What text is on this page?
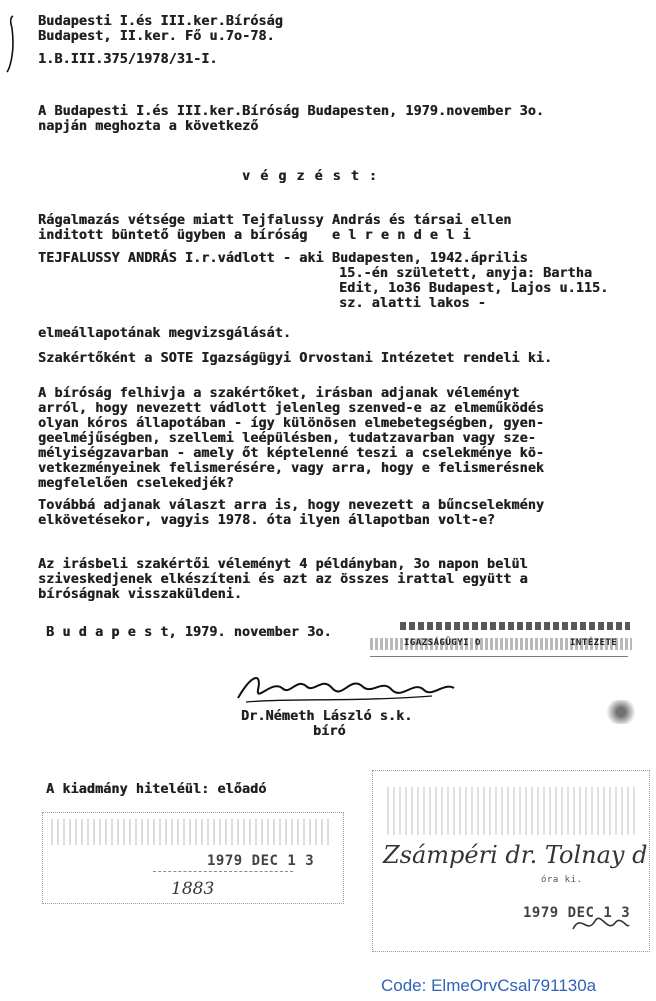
Budapesti I.és III.ker.Bíróság
Budapest, II.ker. Fő u.7o-78.
1.B.III.375/1978/31-I.
A Budapesti I.és III.ker.Bíróság Budapesten, 1979.november 3o.
napján meghozta a következő
v é g z é s t :
Rágalmazás vétsége miatt Tejfalussy András és társai ellen
inditott büntető ügyben a bíróság   e l r e n d e l i
TEJFALUSSY ANDRÁS I.r.vádlott - aki Budapesten, 1942.április
15.-én született, anyja: Bartha
Edit, 1o36 Budapest, Lajos u.115.
sz. alatti lakos -
elmeállapotának megvizsgálását.
Szakértőként a SOTE Igazságügyi Orvostani Intézetet rendeli ki.
A bíróság felhivja a szakértőket, irásban adjanak véleményt
arról, hogy nevezett vádlott jelenleg szenved-e az elmeműködés
olyan kóros állapotában - így különösen elmebetegségben, gyen-
geelméjűségben, szellemi leépülésben, tudatzavarban vagy sze-
mélyiségzavarban - amely őt képtelenné teszi a cselekménye kö-
vetkezményeinek felismerésére, vagy arra, hogy e felismerésnek
megfelelően cselekedjék?
Továbbá adjanak választ arra is, hogy nevezett a bűncselekmény
elkövetésekor, vagyis 1978. óta ilyen állapotban volt-e?
Az irásbeli szakértői véleményt 4 példányban, 3o napon belül
sziveskedjenek elkészíteni és azt az összes irattal együtt a
bíróságnak visszaküldeni.
B u d a p e s t, 1979. november 3o.
IGAZSÁGÜGYI O	INTÉZETE
Dr.Németh László s.k.
bíró
A kiadmány hiteléül: előadó
1979 DEC 1 3
1883
Zsámpéri dr. Tolnay d
óra ki.
1979 DEC 1 3
Code: ElmeOrvCsal791130a
